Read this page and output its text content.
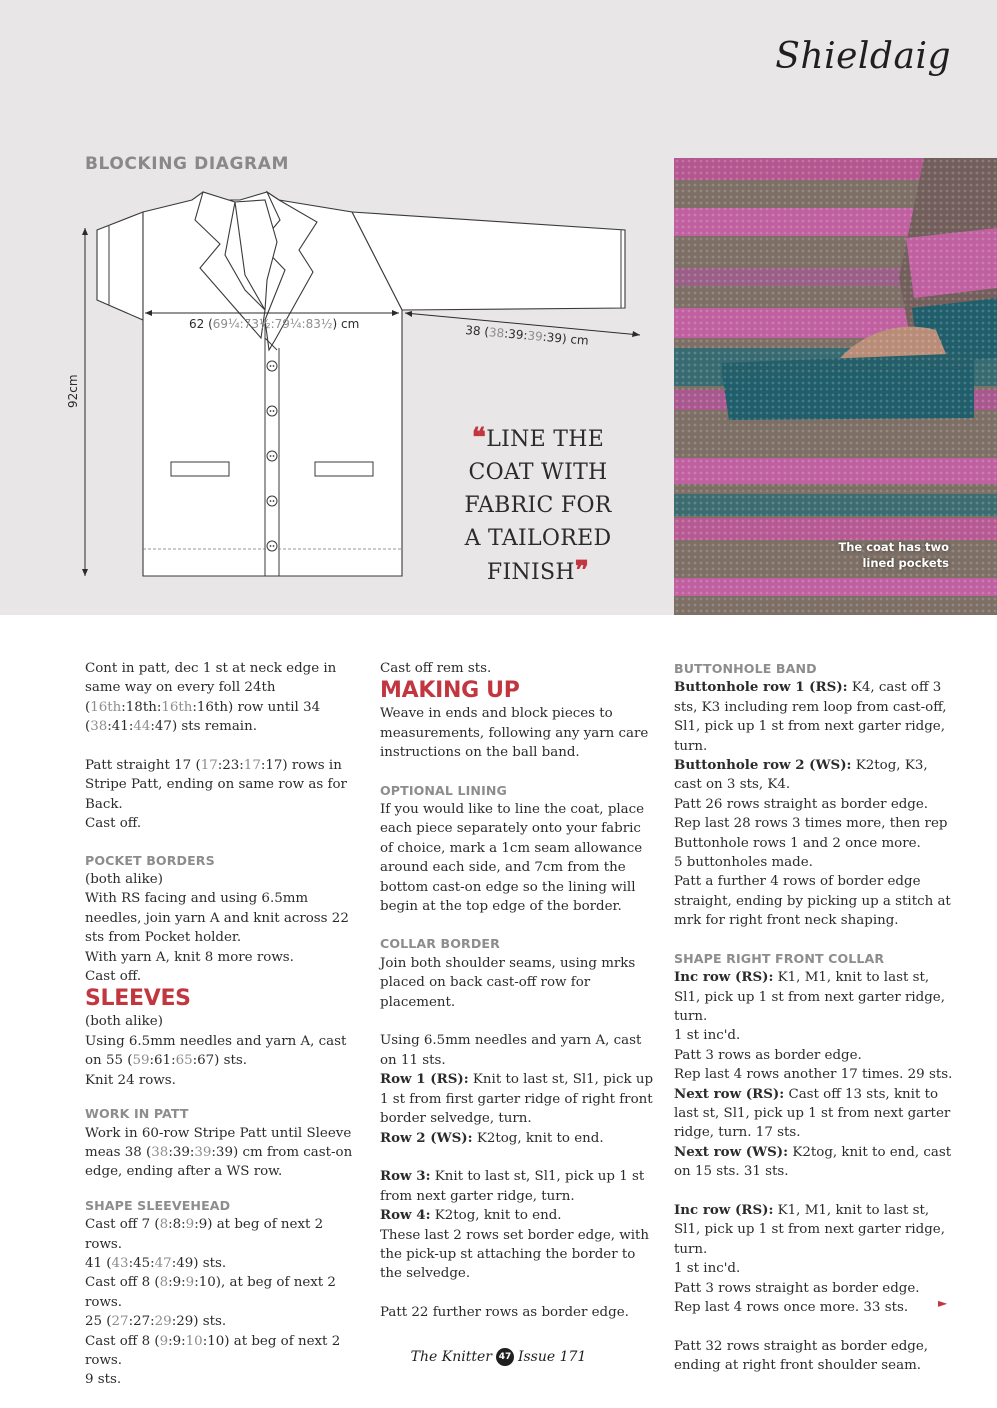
Shieldaig
BLOCKING DIAGRAM
62 (69¼:73½:79¼:83½) cm	38 (38:39:39:39) cm
92cm
❝LINE THE
COAT WITH
FABRIC FOR
A TAILORED
FINISH❞
The coat has two
lined pockets

Cont in patt, dec 1 st at neck edge in same way on every foll 24th (16th:18th:16th:16th) row until 34 (38:41:44:47) sts remain.

Patt straight 17 (17:23:17:17) rows in Stripe Patt, ending on same row as for Back.

Cast off.

POCKET BORDERS

(both alike)

With RS facing and using 6.5mm needles, join yarn A and knit across 22 sts from Pocket holder.

With yarn A, knit 8 more rows.

Cast off.

SLEEVES

(both alike)

Using 6.5mm needles and yarn A, cast on 55 (59:61:65:67) sts.

Knit 24 rows.

WORK IN PATT

Work in 60-row Stripe Patt until Sleeve meas 38 (38:39:39:39) cm from cast-on edge, ending after a WS row.

SHAPE SLEEVEHEAD

Cast off 7 (8:8:9:9) at beg of next 2 rows.

41 (43:45:47:49) sts.

Cast off 8 (8:9:9:10), at beg of next 2 rows.

25 (27:27:29:29) sts.

Cast off 8 (9:9:10:10) at beg of next 2 rows.

9 sts.

Cast off rem sts.

MAKING UP

Weave in ends and block pieces to measurements, following any yarn care instructions on the ball band.

OPTIONAL LINING

If you would like to line the coat, place each piece separately onto your fabric of choice, mark a 1cm seam allowance around each side, and 7cm from the bottom cast-on edge so the lining will begin at the top edge of the border.

COLLAR BORDER

Join both shoulder seams, using mrks placed on back cast-off row for placement.

Using 6.5mm needles and yarn A, cast on 11 sts.

Row 1 (RS): Knit to last st, Sl1, pick up 1 st from first garter ridge of right front border selvedge, turn.

Row 2 (WS): K2tog, knit to end.

Row 3: Knit to last st, Sl1, pick up 1 st from next garter ridge, turn.

Row 4: K2tog, knit to end.

These last 2 rows set border edge, with the pick-up st attaching the border to the selvedge.

Patt 22 further rows as border edge.

BUTTONHOLE BAND

Buttonhole row 1 (RS): K4, cast off 3 sts, K3 including rem loop from cast-off, Sl1, pick up 1 st from next garter ridge, turn.

Buttonhole row 2 (WS): K2tog, K3, cast on 3 sts, K4.

Patt 26 rows straight as border edge.

Rep last 28 rows 3 times more, then rep Buttonhole rows 1 and 2 once more.

5 buttonholes made.

Patt a further 4 rows of border edge straight, ending by picking up a stitch at mrk for right front neck shaping.

SHAPE RIGHT FRONT COLLAR

Inc row (RS): K1, M1, knit to last st, Sl1, pick up 1 st from next garter ridge, turn.

1 st inc'd.

Patt 3 rows as border edge.

Rep last 4 rows another 17 times. 29 sts.

Next row (RS): Cast off 13 sts, knit to last st, Sl1, pick up 1 st from next garter ridge, turn. 17 sts.

Next row (WS): K2tog, knit to end, cast on 15 sts. 31 sts.

Inc row (RS): K1, M1, knit to last st, Sl1, pick up 1 st from next garter ridge, turn.

1 st inc'd.

Patt 3 rows straight as border edge.

Rep last 4 rows once more. 33 sts.

Patt 32 rows straight as border edge, ending at right front shoulder seam.

►
The Knitter 47 Issue 171
